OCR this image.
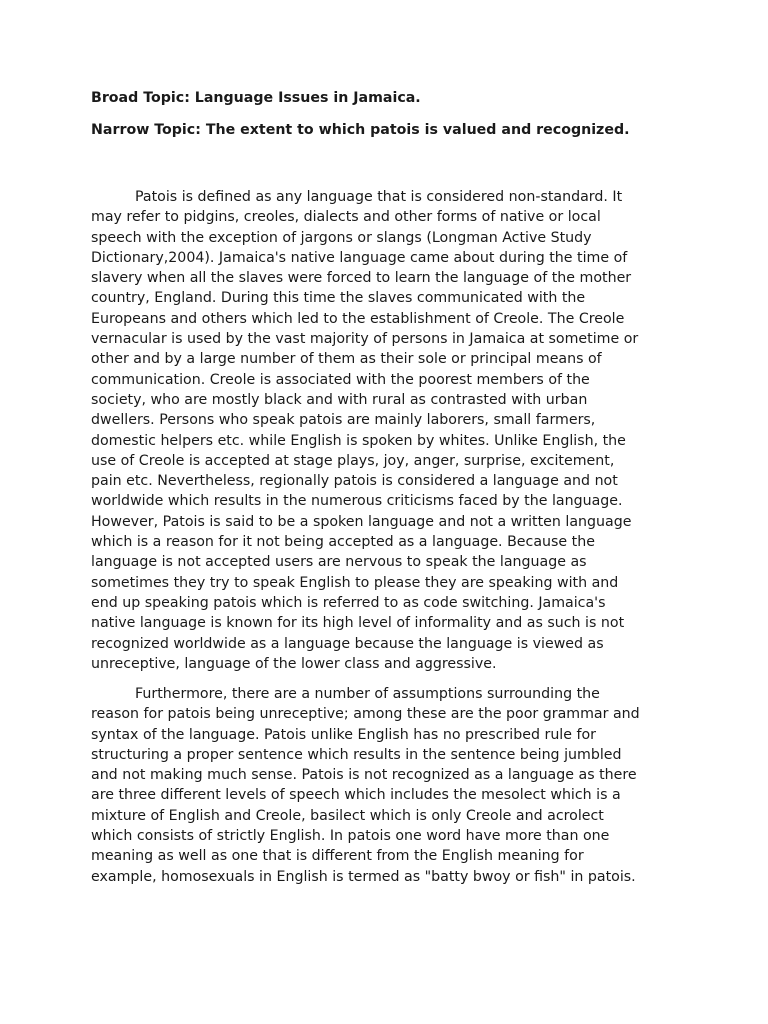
Broad Topic: Language Issues in Jamaica.
Narrow Topic: The extent to which patois is valued and recognized.

Patois is defined as any language that is considered non-standard. It
may refer to pidgins, creoles, dialects and other forms of native or local
speech with the exception of jargons or slangs (Longman Active Study
Dictionary,2004). Jamaica's native language came about during the time of
slavery when all the slaves were forced to learn the language of the mother
country, England. During this time the slaves communicated with the
Europeans and others which led to the establishment of Creole. The Creole
vernacular is used by the vast majority of persons in Jamaica at sometime or
other and by a large number of them as their sole or principal means of
communication. Creole is associated with the poorest members of the
society, who are mostly black and with rural as contrasted with urban
dwellers. Persons who speak patois are mainly laborers, small farmers,
domestic helpers etc. while English is spoken by whites. Unlike English, the
use of Creole is accepted at stage plays, joy, anger, surprise, excitement,
pain etc. Nevertheless, regionally patois is considered a language and not
worldwide which results in the numerous criticisms faced by the language.
However, Patois is said to be a spoken language and not a written language
which is a reason for it not being accepted as a language. Because the
language is not accepted users are nervous to speak the language as
sometimes they try to speak English to please they are speaking with and
end up speaking patois which is referred to as code switching. Jamaica's
native language is known for its high level of informality and as such is not
recognized worldwide as a language because the language is viewed as
unreceptive, language of the lower class and aggressive.

Furthermore, there are a number of assumptions surrounding the
reason for patois being unreceptive; among these are the poor grammar and
syntax of the language. Patois unlike English has no prescribed rule for
structuring a proper sentence which results in the sentence being jumbled
and not making much sense. Patois is not recognized as a language as there
are three different levels of speech which includes the mesolect which is a
mixture of English and Creole, basilect which is only Creole and acrolect
which consists of strictly English. In patois one word have more than one
meaning as well as one that is different from the English meaning for
example, homosexuals in English is termed as "batty bwoy or fish" in patois.
